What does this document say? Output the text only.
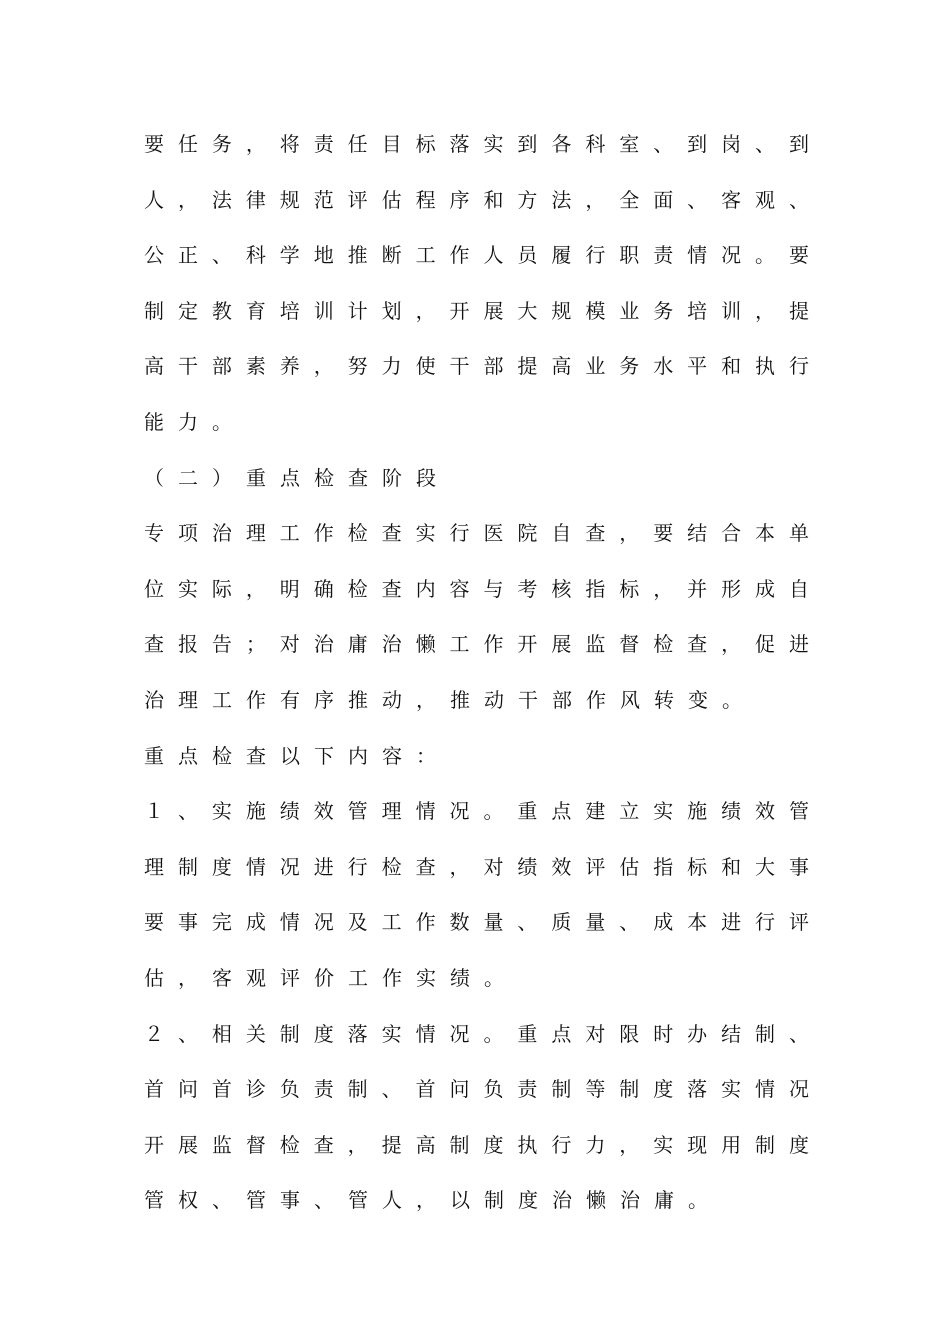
要任务，将责任目标落实到各科室、到岗、到
人，法律规范评估程序和方法，全面、客观、
公正、科学地推断工作人员履行职责情况。要
制定教育培训计划，开展大规模业务培训，提
高干部素养，努力使干部提高业务水平和执行
能力。
（二）重点检查阶段
专项治理工作检查实行医院自查，要结合本单
位实际，明确检查内容与考核指标，并形成自
查报告；对治庸治懒工作开展监督检查，促进
治理工作有序推动，推动干部作风转变。
重点检查以下内容：
１、实施绩效管理情况。重点建立实施绩效管
理制度情况进行检查，对绩效评估指标和大事
要事完成情况及工作数量、质量、成本进行评
估，客观评价工作实绩。
２、相关制度落实情况。重点对限时办结制、
首问首诊负责制、首问负责制等制度落实情况
开展监督检查，提高制度执行力，实现用制度
管权、管事、管人，以制度治懒治庸。
